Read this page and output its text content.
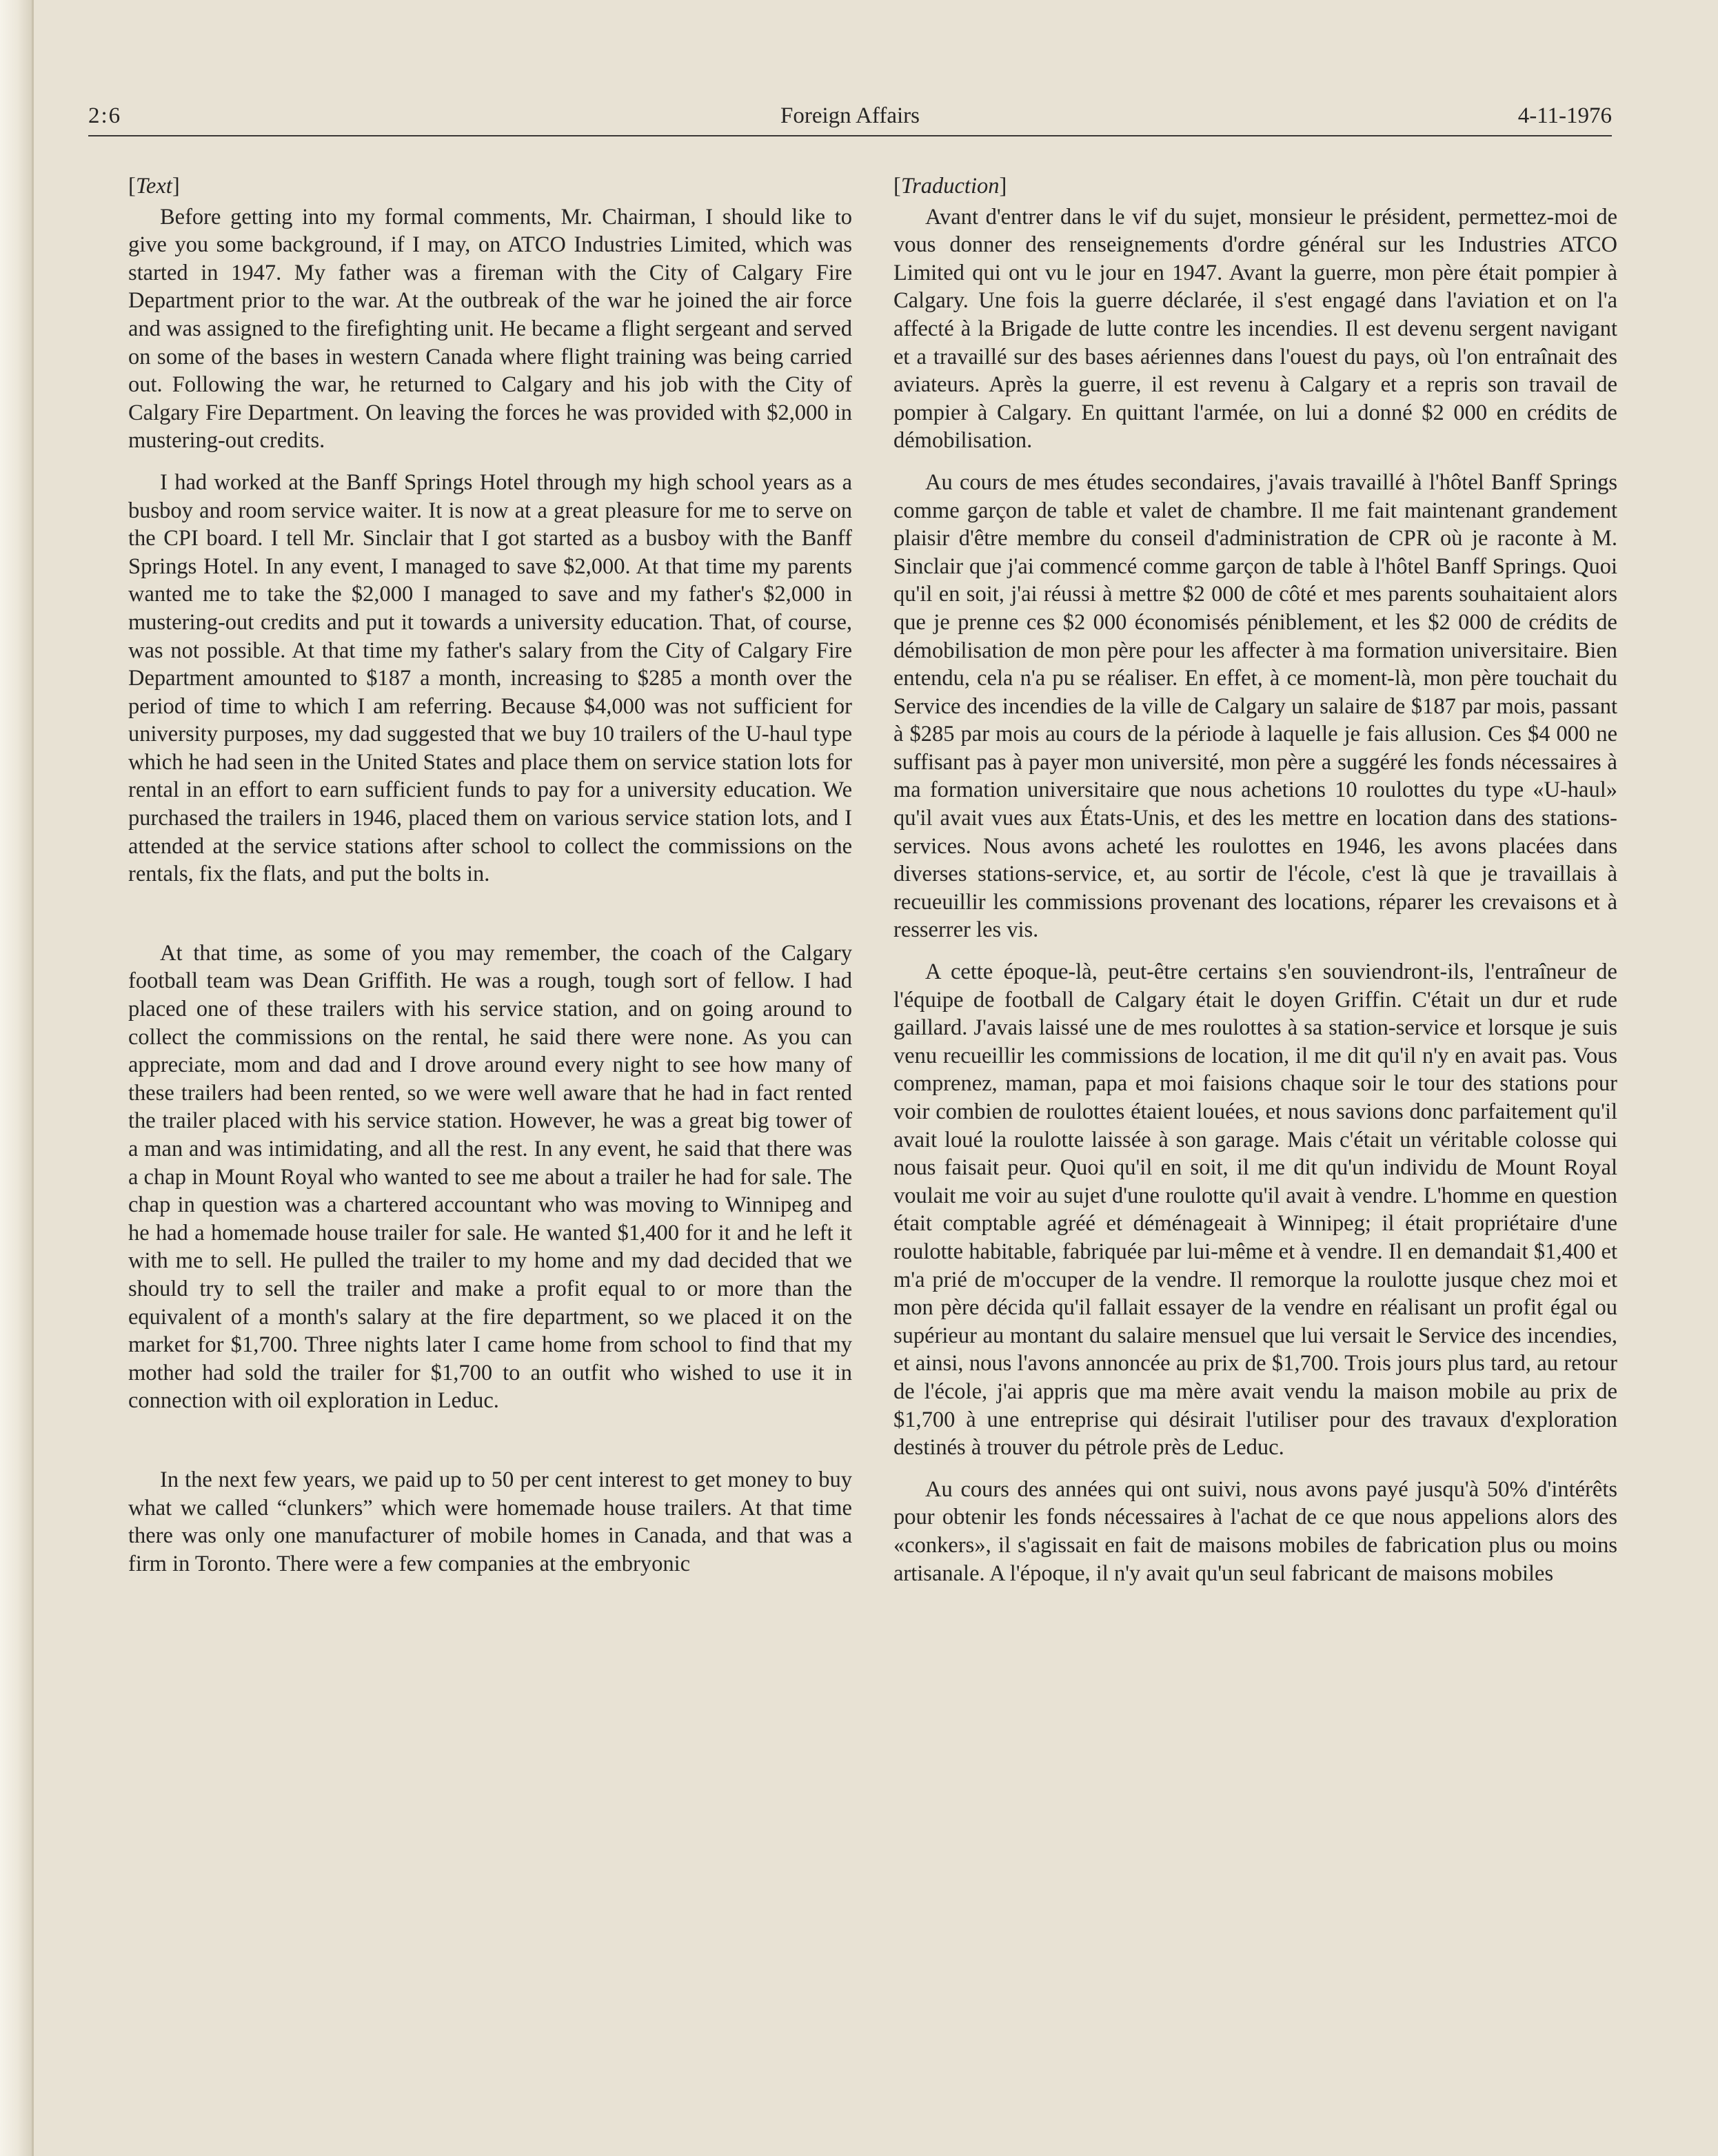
2:6	Foreign Affairs	4-11-1976
[Text]

Before getting into my formal comments, Mr. Chairman, I should like to give you some background, if I may, on ATCO Industries Limited, which was started in 1947. My father was a fireman with the City of Calgary Fire Department prior to the war. At the outbreak of the war he joined the air force and was assigned to the firefighting unit. He became a flight sergeant and served on some of the bases in western Canada where flight training was being carried out. Following the war, he returned to Calgary and his job with the City of Calgary Fire Department. On leaving the forces he was provided with $2,000 in mustering-out credits.

I had worked at the Banff Springs Hotel through my high school years as a busboy and room service waiter. It is now at a great pleasure for me to serve on the CPI board. I tell Mr. Sinclair that I got started as a busboy with the Banff Springs Hotel. In any event, I managed to save $2,000. At that time my parents wanted me to take the $2,000 I managed to save and my father's $2,000 in mustering-out credits and put it towards a university education. That, of course, was not possible. At that time my father's salary from the City of Calgary Fire Department amounted to $187 a month, increasing to $285 a month over the period of time to which I am referring. Because $4,000 was not sufficient for university purposes, my dad suggested that we buy 10 trailers of the U-haul type which he had seen in the United States and place them on service station lots for rental in an effort to earn sufficient funds to pay for a university education. We purchased the trailers in 1946, placed them on various service station lots, and I attended at the service stations after school to collect the commissions on the rentals, fix the flats, and put the bolts in.

At that time, as some of you may remember, the coach of the Calgary football team was Dean Griffith. He was a rough, tough sort of fellow. I had placed one of these trailers with his service station, and on going around to collect the commissions on the rental, he said there were none. As you can appreciate, mom and dad and I drove around every night to see how many of these trailers had been rented, so we were well aware that he had in fact rented the trailer placed with his service station. However, he was a great big tower of a man and was intimidating, and all the rest. In any event, he said that there was a chap in Mount Royal who wanted to see me about a trailer he had for sale. The chap in question was a chartered accountant who was moving to Winnipeg and he had a homemade house trailer for sale. He wanted $1,400 for it and he left it with me to sell. He pulled the trailer to my home and my dad decided that we should try to sell the trailer and make a profit equal to or more than the equivalent of a month's salary at the fire department, so we placed it on the market for $1,700. Three nights later I came home from school to find that my mother had sold the trailer for $1,700 to an outfit who wished to use it in connection with oil exploration in Leduc.

In the next few years, we paid up to 50 per cent interest to get money to buy what we called “clunkers” which were homemade house trailers. At that time there was only one manufacturer of mobile homes in Canada, and that was a firm in Toronto. There were a few companies at the embryonic

[Traduction]

Avant d'entrer dans le vif du sujet, monsieur le président, permettez-moi de vous donner des renseignements d'ordre général sur les Industries ATCO Limited qui ont vu le jour en 1947. Avant la guerre, mon père était pompier à Calgary. Une fois la guerre déclarée, il s'est engagé dans l'aviation et on l'a affecté à la Brigade de lutte contre les incendies. Il est devenu sergent navigant et a travaillé sur des bases aériennes dans l'ouest du pays, où l'on entraînait des aviateurs. Après la guerre, il est revenu à Calgary et a repris son travail de pompier à Calgary. En quittant l'armée, on lui a donné $2 000 en crédits de démobilisation.

Au cours de mes études secondaires, j'avais travaillé à l'hôtel Banff Springs comme garçon de table et valet de chambre. Il me fait maintenant grandement plaisir d'être membre du conseil d'administration de CPR où je raconte à M. Sinclair que j'ai commencé comme garçon de table à l'hôtel Banff Springs. Quoi qu'il en soit, j'ai réussi à mettre $2 000 de côté et mes parents souhaitaient alors que je prenne ces $2 000 économisés péniblement, et les $2 000 de crédits de démobilisation de mon père pour les affecter à ma formation universitaire. Bien entendu, cela n'a pu se réaliser. En effet, à ce moment-là, mon père touchait du Service des incendies de la ville de Calgary un salaire de $187 par mois, passant à $285 par mois au cours de la période à laquelle je fais allusion. Ces $4 000 ne suffisant pas à payer mon université, mon père a suggéré les fonds nécessaires à ma formation universitaire que nous achetions 10 roulottes du type «U-haul» qu'il avait vues aux États-Unis, et des les mettre en location dans des stations-services. Nous avons acheté les roulottes en 1946, les avons placées dans diverses stations-service, et, au sortir de l'école, c'est là que je travaillais à recueuillir les commissions provenant des locations, réparer les crevaisons et à resserrer les vis.

A cette époque-là, peut-être certains s'en souviendront-ils, l'entraîneur de l'équipe de football de Calgary était le doyen Griffin. C'était un dur et rude gaillard. J'avais laissé une de mes roulottes à sa station-service et lorsque je suis venu recueillir les commissions de location, il me dit qu'il n'y en avait pas. Vous comprenez, maman, papa et moi faisions chaque soir le tour des stations pour voir combien de roulottes étaient louées, et nous savions donc parfaitement qu'il avait loué la roulotte laissée à son garage. Mais c'était un véritable colosse qui nous faisait peur. Quoi qu'il en soit, il me dit qu'un individu de Mount Royal voulait me voir au sujet d'une roulotte qu'il avait à vendre. L'homme en question était comptable agréé et déménageait à Winnipeg; il était propriétaire d'une roulotte habitable, fabriquée par lui-même et à vendre. Il en demandait $1,400 et m'a prié de m'occuper de la vendre. Il remorque la roulotte jusque chez moi et mon père décida qu'il fallait essayer de la vendre en réalisant un profit égal ou supérieur au montant du salaire mensuel que lui versait le Service des incendies, et ainsi, nous l'avons annoncée au prix de $1,700. Trois jours plus tard, au retour de l'école, j'ai appris que ma mère avait vendu la maison mobile au prix de $1,700 à une entreprise qui désirait l'utiliser pour des travaux d'exploration destinés à trouver du pétrole près de Leduc.

Au cours des années qui ont suivi, nous avons payé jusqu'à 50% d'intérêts pour obtenir les fonds nécessaires à l'achat de ce que nous appelions alors des «conkers», il s'agissait en fait de maisons mobiles de fabrication plus ou moins artisanale. A l'époque, il n'y avait qu'un seul fabricant de maisons mobiles
